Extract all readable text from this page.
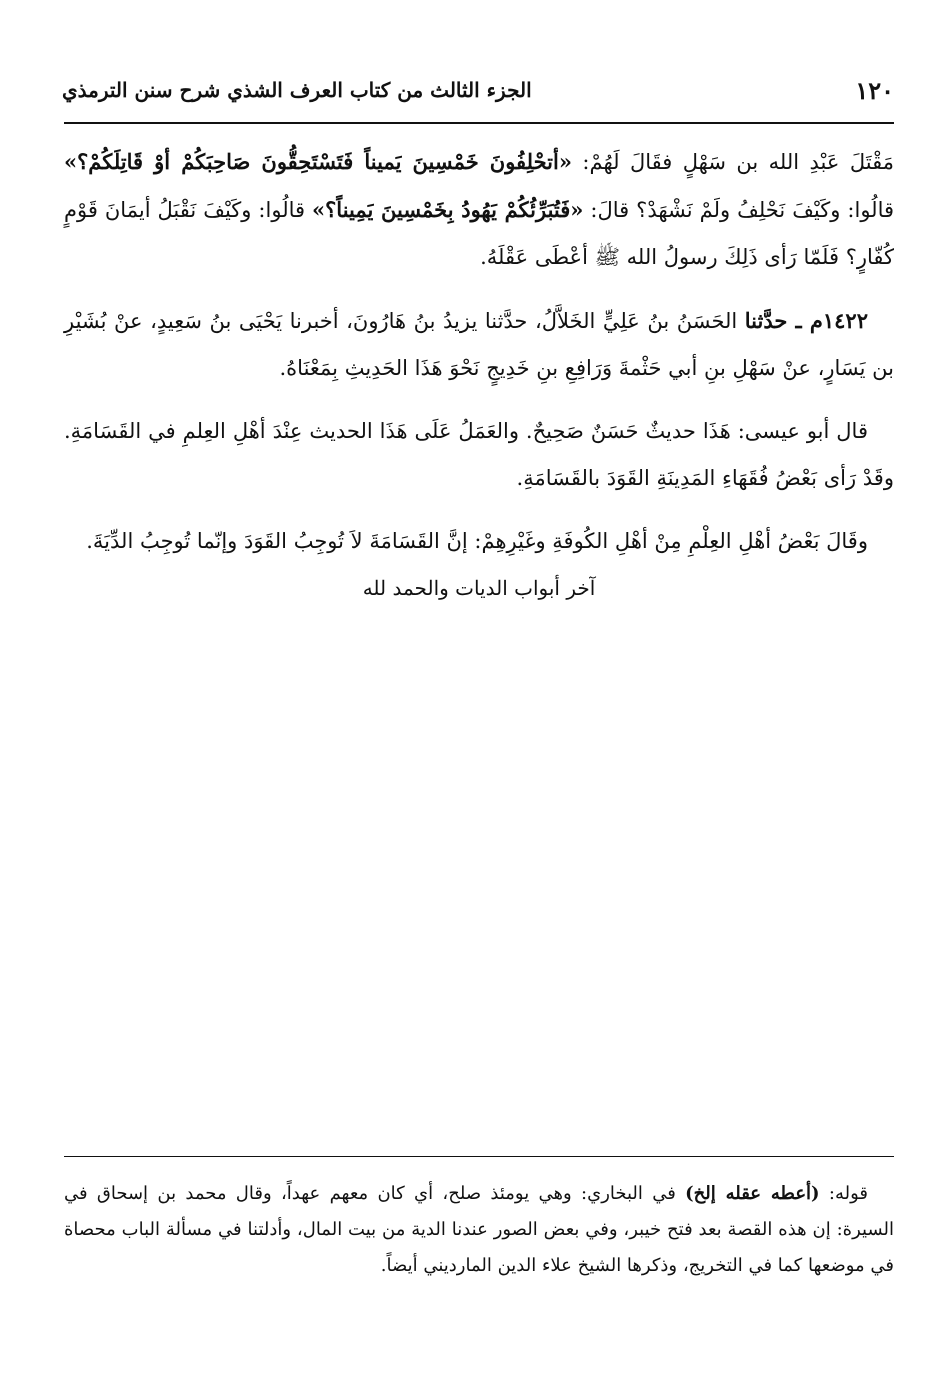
١٢٠
الجزء الثالث من كتاب العرف الشذي شرح سنن الترمذي

مَقْتَلَ عَبْدِ الله بن سَهْلٍ فقَالَ لَهُمْ: «أتحْلِفُونَ خَمْسِينَ يَميناً فَتَسْتَحِقُّونَ صَاحِبَكُمْ أوْ قَاتِلَكُمْ؟» قالُوا: وكَيْفَ نَحْلِفُ ولَمْ نَشْهَدْ؟ قالَ: «فَتُبَرِّئُكُمْ يَهُودُ بِخَمْسِينَ يَمِيناً؟» قالُوا: وكَيْفَ نَقْبَلُ أيمَانَ قَوْمٍ كُفّارٍ؟ فَلَمّا رَأى ذَلِكَ رسولُ الله ﷺ أعْطَى عَقْلَهُ.

١٤٢٢م ـ حدَّثنا الحَسَنُ بنُ عَلِيٍّ الخَلاَّلُ، حدَّثنا يزيدُ بنُ هَارُونَ، أخبرنا يَحْيَى بنُ سَعِيدٍ، عنْ بُشَيْرِ بن يَسَارٍ، عنْ سَهْلِ بنِ أبي حَثْمةَ وَرَافِعِ بنِ خَدِيجٍ نَحْوَ هَذَا الحَدِيثِ بِمَعْنَاهُ.

قال أبو عيسى: هَذَا حديثٌ حَسَنٌ صَحِيحٌ. والعَمَلُ عَلَى هَذَا الحديث عِنْدَ أهْلِ العِلمِ في القَسَامَةِ. وقَدْ رَأى بَعْضُ فُقَهَاءِ المَدِينَةِ القَوَدَ بالقَسَامَةِ.

وقَالَ بَعْضُ أهْلِ العِلْمِ مِنْ أهْلِ الكُوفَةِ وغَيْرِهِمْ: إنَّ القَسَامَةَ لاَ تُوجِبُ القَوَدَ وإنّما تُوجِبُ الدِّيَةَ.

آخر أبواب الديات والحمد لله
قوله: (أعطه عقله إلخ) في البخاري: وهي يومئذ صلح، أي كان معهم عهداً، وقال محمد بن إسحاق في السيرة: إن هذه القصة بعد فتح خيبر، وفي بعض الصور عندنا الدية من بيت المال، وأدلتنا في مسألة الباب محصاة في موضعها كما في التخريج، وذكرها الشيخ علاء الدين المارديني أيضاً.
